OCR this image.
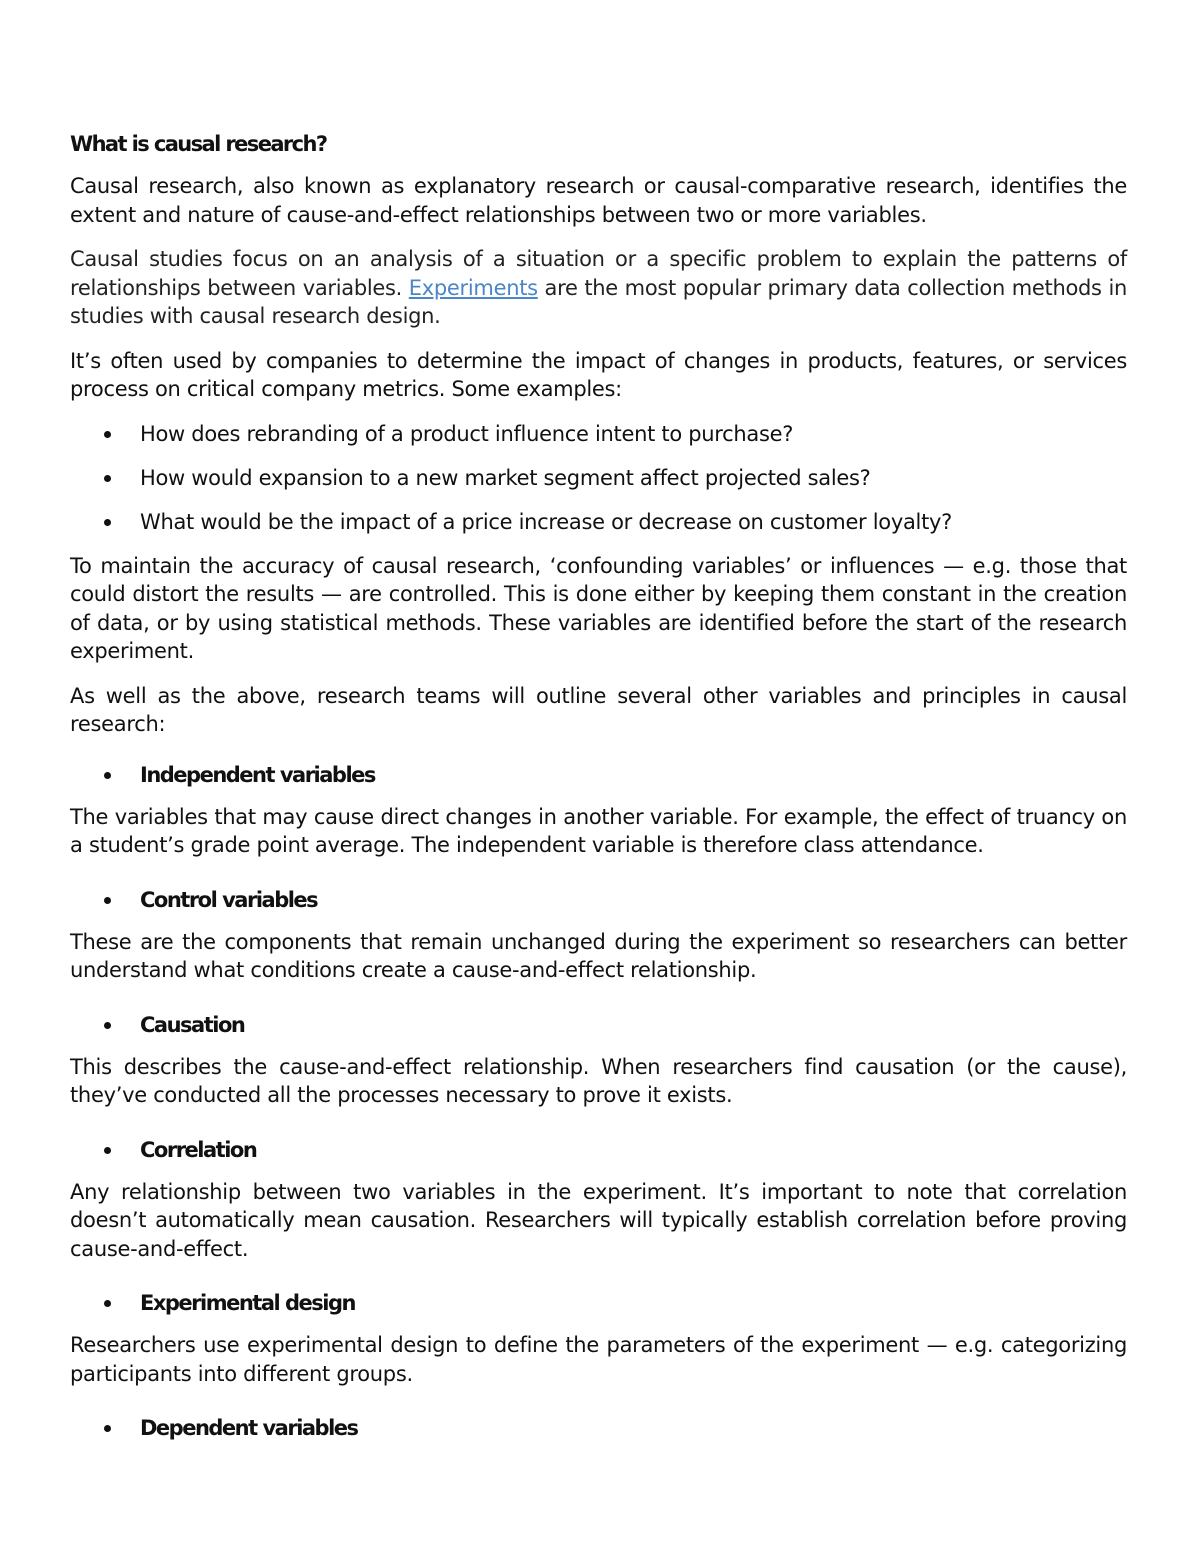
What is causal research?

Causal research, also known as explanatory research or causal-comparative research, identifies the extent and nature of cause-and-effect relationships between two or more variables.

Causal studies focus on an analysis of a situation or a specific problem to explain the patterns of relationships between variables. Experiments are the most popular primary data collection methods in studies with causal research design.

It’s often used by companies to determine the impact of changes in products, features, or services process on critical company metrics. Some examples:

How does rebranding of a product influence intent to purchase?
How would expansion to a new market segment affect projected sales?
What would be the impact of a price increase or decrease on customer loyalty?

To maintain the accuracy of causal research, ‘confounding variables’ or influences — e.g. those that could distort the results — are controlled. This is done either by keeping them constant in the creation of data, or by using statistical methods. These variables are identified before the start of the research experiment.

As well as the above, research teams will outline several other variables and principles in causal research:

Independent variables

The variables that may cause direct changes in another variable. For example, the effect of truancy on a student’s grade point average. The independent variable is therefore class attendance.

Control variables

These are the components that remain unchanged during the experiment so researchers can better understand what conditions create a cause-and-effect relationship.

Causation

This describes the cause-and-effect relationship. When researchers find causation (or the cause), they’ve conducted all the processes necessary to prove it exists.

Correlation

Any relationship between two variables in the experiment. It’s important to note that correlation doesn’t automatically mean causation. Researchers will typically establish correlation before proving cause-and-effect.

Experimental design

Researchers use experimental design to define the parameters of the experiment — e.g. categorizing participants into different groups.

Dependent variables
